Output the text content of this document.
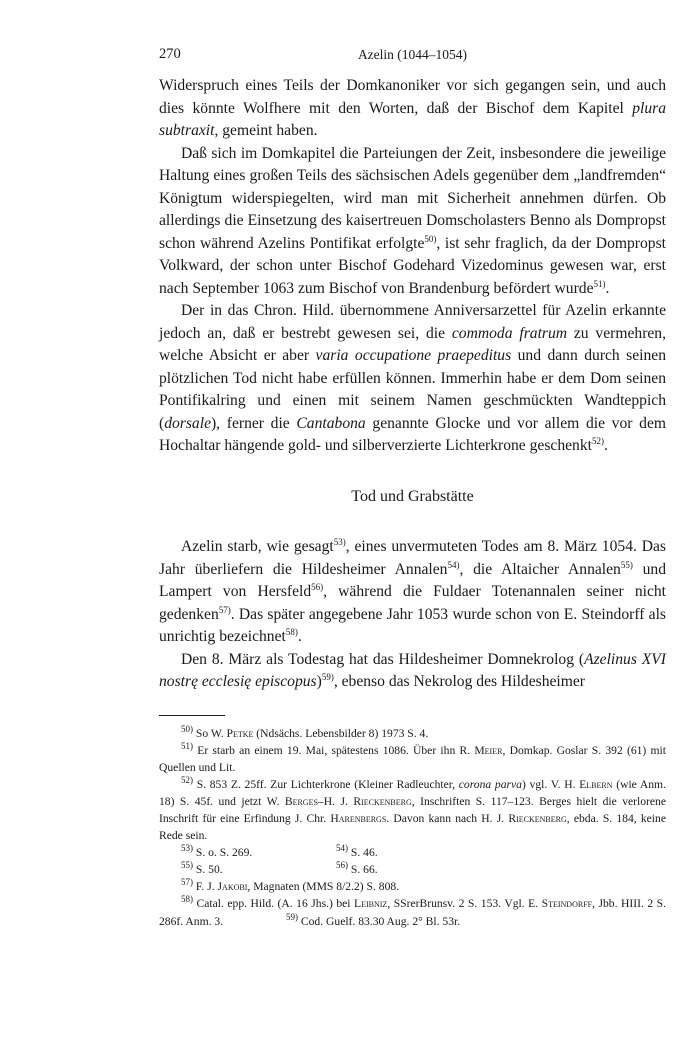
270	Azelin (1044–1054)

Widerspruch eines Teils der Domkanoniker vor sich gegangen sein, und auch dies könnte Wolfhere mit den Worten, daß der Bischof dem Kapitel plura subtraxit, gemeint haben.

Daß sich im Domkapitel die Parteiungen der Zeit, insbesondere die jeweilige Haltung eines großen Teils des sächsischen Adels gegenüber dem „landfremden“ Königtum widerspiegelten, wird man mit Sicherheit annehmen dürfen. Ob allerdings die Einsetzung des kaisertreuen Domscholasters Benno als Dompropst schon während Azelins Pontifikat erfolgte$^{50)}$, ist sehr fraglich, da der Dompropst Volkward, der schon unter Bischof Godehard Vizedominus gewesen war, erst nach September 1063 zum Bischof von Brandenburg befördert wurde$^{51)}$.

Der in das Chron. Hild. übernommene Anniversarzettel für Azelin erkannte jedoch an, daß er bestrebt gewesen sei, die commoda fratrum zu vermehren, welche Absicht er aber varia occupatione praepeditus und dann durch seinen plötzlichen Tod nicht habe erfüllen können. Immerhin habe er dem Dom seinen Pontifikalring und einen mit seinem Namen geschmückten Wandteppich (dorsale), ferner die Cantabona genannte Glocke und vor allem die vor dem Hochaltar hängende gold- und silberverzierte Lichterkrone geschenkt$^{52)}$.

Tod und Grabstätte

Azelin starb, wie gesagt$^{53)}$, eines unvermuteten Todes am 8. März 1054. Das Jahr überliefern die Hildesheimer Annalen$^{54)}$, die Altaicher Annalen$^{55)}$ und Lampert von Hersfeld$^{56)}$, während die Fuldaer Totenannalen seiner nicht gedenken$^{57)}$. Das später angegebene Jahr 1053 wurde schon von E. Steindorff als unrichtig bezeichnet$^{58)}$.

Den 8. März als Todestag hat das Hildesheimer Domnekrolog (Azelinus XVI nostrę ecclesię episcopus)$^{59)}$, ebenso das Nekrolog des Hildesheimer

$^{50)}$ So W. Petke (Ndsächs. Lebensbilder 8) 1973 S. 4.

$^{51)}$ Er starb an einem 19. Mai, spätestens 1086. Über ihn R. Meier, Domkap. Goslar S. 392 (61) mit Quellen und Lit.

$^{52)}$ S. 853 Z. 25ff. Zur Lichterkrone (Kleiner Radleuchter, corona parva) vgl. V. H. Elbern (wie Anm. 18) S. 45f. und jetzt W. Berges–H. J. Rieckenberg, Inschriften S. 117–123. Berges hielt die verlorene Inschrift für eine Erfindung J. Chr. Harenbergs. Davon kann nach H. J. Rieckenberg, ebda. S. 184, keine Rede sein.

$^{53)}$ S. o. S. 269.	$^{54)}$ S. 46.
$^{55)}$ S. 50.	$^{56)}$ S. 66.

$^{57)}$ F. J. Jakobi, Magnaten (MMS 8/2.2) S. 808.

$^{58)}$ Catal. epp. Hild. (A. 16 Jhs.) bei Leibniz, SSrerBrunsv. 2 S. 153. Vgl. E. Steindorff, Jbb. HIII. 2 S. 286f. Anm. 3.	$^{59)}$ Cod. Guelf. 83.30 Aug. 2° Bl. 53r.
